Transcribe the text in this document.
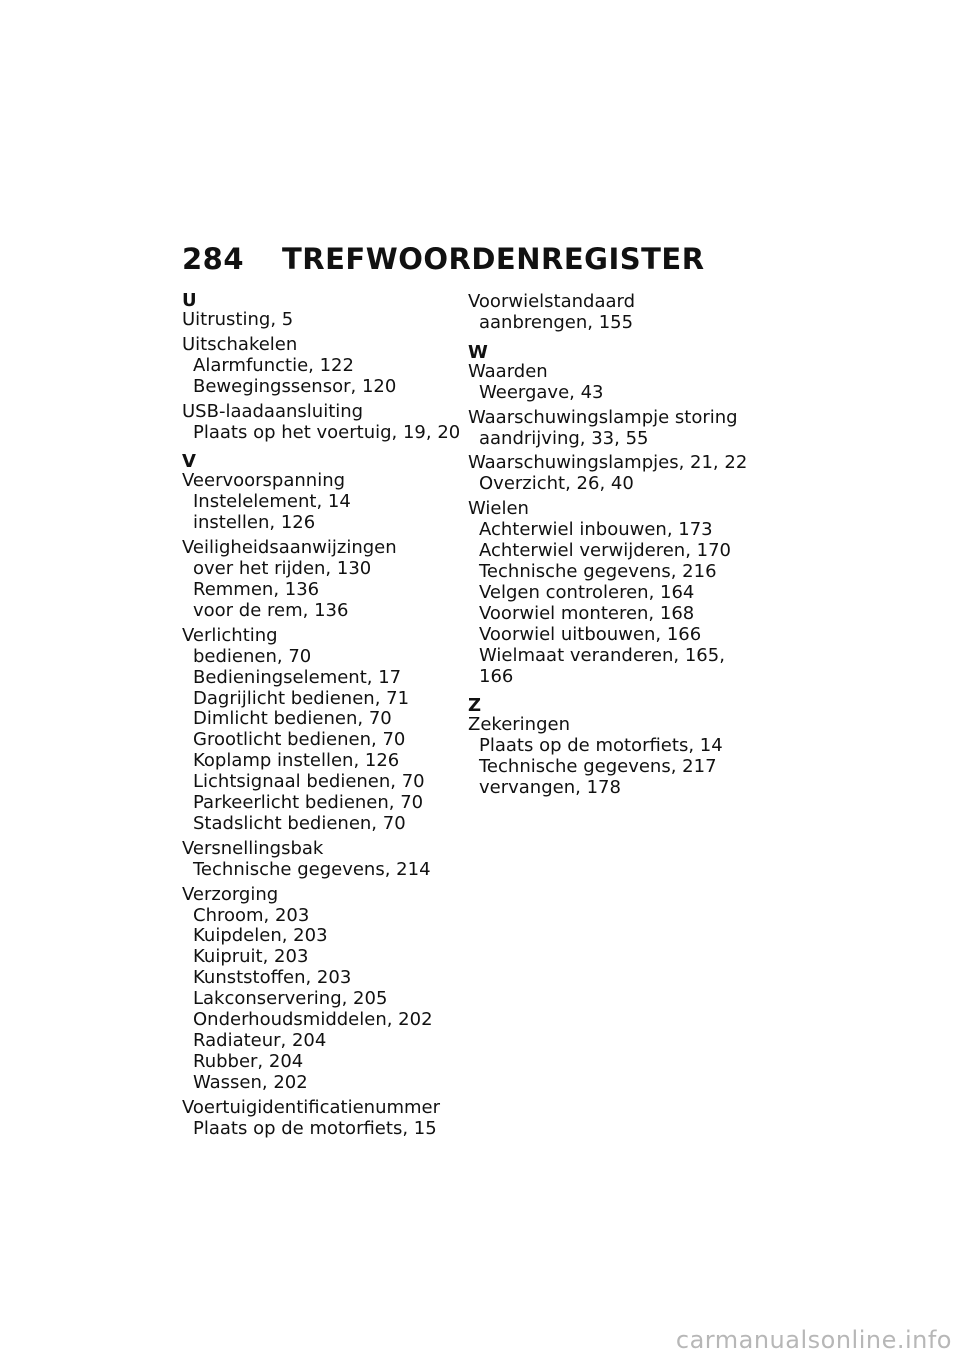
284	TREFWOORDENREGISTER
U
Uitrusting, 5
Uitschakelen
Alarmfunctie, 122
Bewegingssensor, 120
USB-laadaansluiting
Plaats op het voertuig, 19, 20
V
Veervoorspanning
Instelelement, 14
instellen, 126
Veiligheidsaanwijzingen
over het rijden, 130
Remmen, 136
voor de rem, 136
Verlichting
bedienen, 70
Bedieningselement, 17
Dagrijlicht bedienen, 71
Dimlicht bedienen, 70
Grootlicht bedienen, 70
Koplamp instellen, 126
Lichtsignaal bedienen, 70
Parkeerlicht bedienen, 70
Stadslicht bedienen, 70
Versnellingsbak
Technische gegevens, 214
Verzorging
Chroom, 203
Kuipdelen, 203
Kuipruit, 203
Kunststoffen, 203
Lakconservering, 205
Onderhoudsmiddelen, 202
Radiateur, 204
Rubber, 204
Wassen, 202
Voertuigidentificatienummer
Plaats op de motorfiets, 15
Voorwielstandaard
aanbrengen, 155
W
Waarden
Weergave, 43
Waarschuwingslampje storing
aandrijving, 33, 55
Waarschuwingslampjes, 21, 22
Overzicht, 26, 40
Wielen
Achterwiel inbouwen, 173
Achterwiel verwijderen, 170
Technische gegevens, 216
Velgen controleren, 164
Voorwiel monteren, 168
Voorwiel uitbouwen, 166
Wielmaat veranderen, 165,
166
Z
Zekeringen
Plaats op de motorfiets, 14
Technische gegevens, 217
vervangen, 178
carmanualsonline.info
